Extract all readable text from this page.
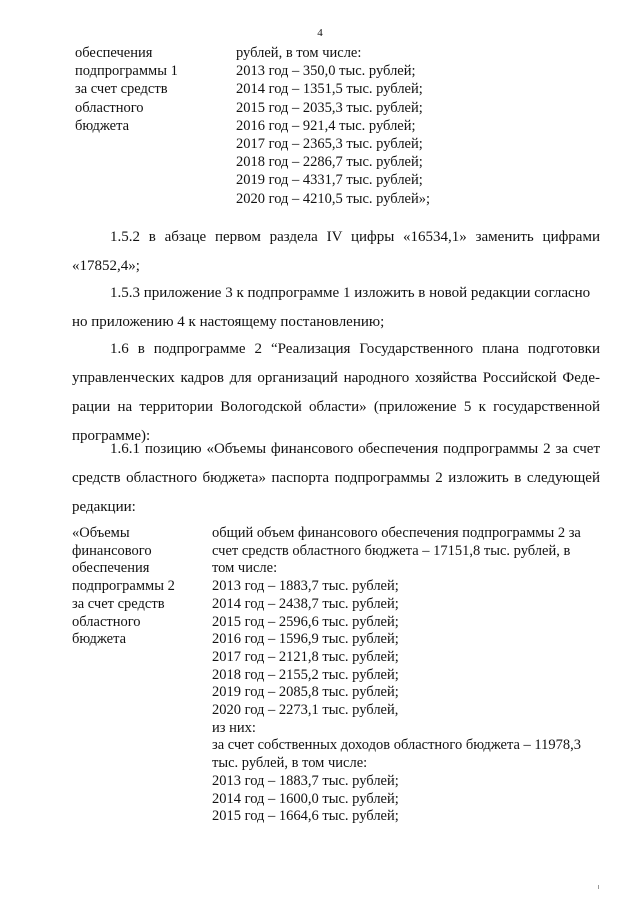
4
обеспечения
подпрограммы 1
за счет средств
областного
бюджета
рублей, в том числе:
2013 год – 350,0 тыс. рублей;
2014 год – 1351,5 тыс. рублей;
2015 год – 2035,3 тыс. рублей;
2016 год – 921,4 тыс. рублей;
2017 год – 2365,3 тыс. рублей;
2018 год – 2286,7 тыс. рублей;
2019 год – 4331,7 тыс. рублей;
2020 год – 4210,5 тыс. рублей»;

1.5.2 в абзаце первом раздела IV цифры «16534,1» заменить цифрами
«17852,4»;

1.5.3 приложение 3 к подпрограмме 1 изложить в новой редакции согласно
но приложению 4 к настоящему постановлению;

1.6 в подпрограмме 2 “Реализация Государственного плана подготовки
управленческих кадров для организаций народного хозяйства Российской Феде-
рации на территории Вологодской области» (приложение 5 к государственной
программе):

1.6.1 позицию «Объемы финансового обеспечения подпрограммы 2 за счет
средств областного бюджета» паспорта подпрограммы 2 изложить в следующей
редакции:

«Объемы
финансового
обеспечения
подпрограммы 2
за счет средств
областного
бюджета
общий объем финансового обеспечения подпрограммы 2 за
счет средств областного бюджета – 17151,8 тыс. рублей, в
том числе:
2013 год – 1883,7 тыс. рублей;
2014 год – 2438,7 тыс. рублей;
2015 год – 2596,6 тыс. рублей;
2016 год – 1596,9 тыс. рублей;
2017 год – 2121,8 тыс. рублей;
2018 год – 2155,2 тыс. рублей;
2019 год – 2085,8 тыс. рублей;
2020 год – 2273,1 тыс. рублей,
из них:
за счет собственных доходов областного бюджета – 11978,3
тыс. рублей, в том числе:
2013 год – 1883,7 тыс. рублей;
2014 год – 1600,0 тыс. рублей;
2015 год – 1664,6 тыс. рублей;
